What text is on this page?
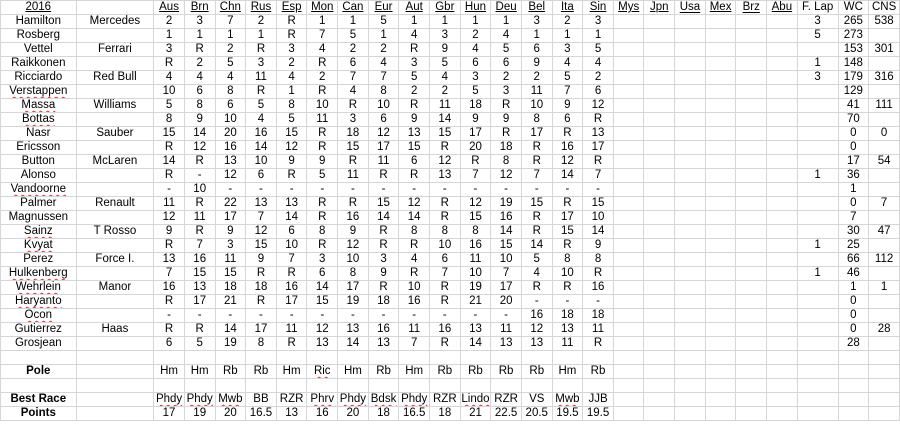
2016		Aus	Brn	Chn	Rus	Esp	Mon	Can	Eur	Aut	Gbr	Hun	Deu	Bel	Ita	Sin	Mys	Jpn	Usa	Mex	Brz	Abu	F. Lap	WC	CNS
Hamilton	Mercedes	2	3	7	2	R	1	1	5	1	1	1	1	3	2	3							3	265	538
Rosberg		1	1	1	1	R	7	5	1	4	3	2	4	1	1	1							5	273	
Vettel	Ferrari	3	R	2	R	3	4	2	2	R	9	4	5	6	3	5								153	301
Raikkonen		R	2	5	3	2	R	6	4	3	5	6	6	9	4	4							1	148	
Ricciardo	Red Bull	4	4	4	11	4	2	7	7	5	4	3	2	2	5	2							3	179	316
Verstappen		10	6	8	R	1	R	4	8	2	2	5	3	11	7	6								129	
Massa	Williams	5	8	6	5	8	10	R	10	R	11	18	R	10	9	12								41	111
Bottas		8	9	10	4	5	11	3	6	9	14	9	9	8	6	R								70	
Nasr	Sauber	15	14	20	16	15	R	18	12	13	15	17	R	17	R	13								0	0
Ericsson		R	12	16	14	12	R	15	17	15	R	20	18	R	16	17								0	
Button	McLaren	14	R	13	10	9	9	R	11	6	12	R	8	R	12	R								17	54
Alonso		R	-	12	6	R	5	11	R	R	13	7	12	7	14	7							1	36	
Vandoorne		-	10	-	-	-	-	-	-	-	-	-	-	-	-	-								1	
Palmer	Renault	11	R	22	13	13	R	R	15	12	R	12	19	15	R	15								0	7
Magnussen		12	11	17	7	14	R	16	14	14	R	15	16	R	17	10								7	
Sainz	T Rosso	9	R	9	12	6	8	9	R	8	8	8	14	R	15	14								30	47
Kvyat		R	7	3	15	10	R	12	R	R	10	16	15	14	R	9							1	25	
Perez	Force I.	13	16	11	9	7	3	10	3	4	6	11	10	5	8	8								66	112
Hulkenberg		7	15	15	R	R	6	8	9	R	7	10	7	4	10	R							1	46	
Wehrlein	Manor	16	13	18	18	16	14	17	R	10	R	19	17	R	R	16								1	1
Haryanto		R	17	21	R	17	15	19	18	16	R	21	20	-	-	-								0	
Ocon		-	-	-	-	-	-	-	-	-	-	-	-	16	18	18								0	
Gutierrez	Haas	R	R	14	17	11	12	13	16	11	16	13	11	12	13	11								0	28
Grosjean		6	5	19	8	R	13	14	13	7	R	14	13	13	11	R								28	

Pole		Hm	Hm	Rb	Rb	Hm	Ric	Hm	Rb	Hm	Rb	Rb	Rb	Rb	Hm	Rb									

Best Race		Phdy	Phdy	Mwb	BB	RZR	Phrv	Phdy	Bdsk	Phdy	RZR	Lindo	RZR	VS	Mwb	JJB									
Points		17	19	20	16.5	13	16	20	18	16.5	18	21	22.5	20.5	19.5	19.5									
